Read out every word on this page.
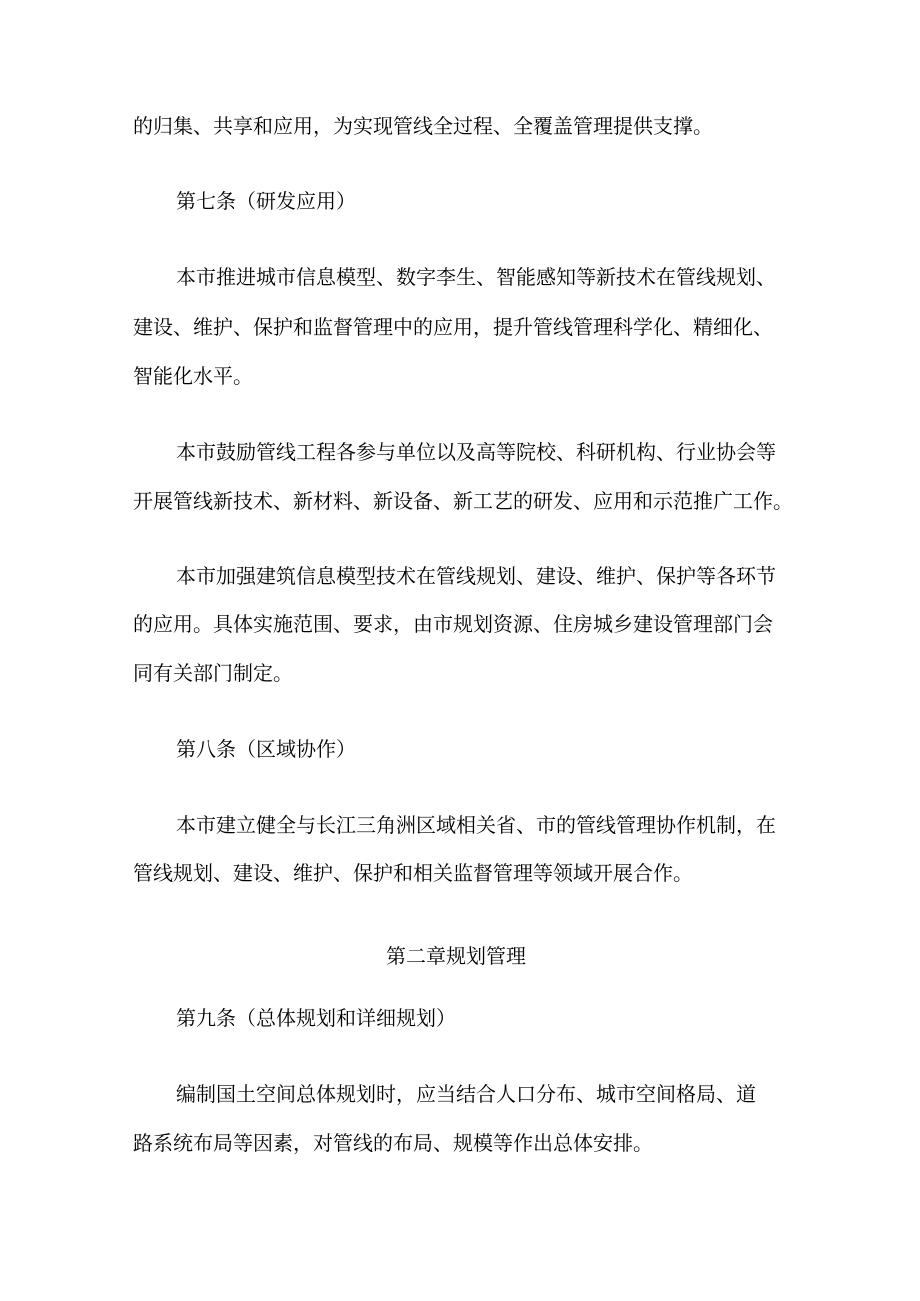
的归集、共享和应用，为实现管线全过程、全覆盖管理提供支撑。

第七条（研发应用）

本市推进城市信息模型、数字李生、智能感知等新技术在管线规划、

建设、维护、保护和监督管理中的应用，提升管线管理科学化、精细化、

智能化水平。

本市鼓励管线工程各参与单位以及高等院校、科研机构、行业协会等

开展管线新技术、新材料、新设备、新工艺的研发、应用和示范推广工作。

本市加强建筑信息模型技术在管线规划、建设、维护、保护等各环节

的应用。具体实施范围、要求，由市规划资源、住房城乡建设管理部门会

同有关部门制定。

第八条（区域协作）

本市建立健全与长江三角洲区域相关省、市的管线管理协作机制，在

管线规划、建设、维护、保护和相关监督管理等领域开展合作。

第二章规划管理

第九条（总体规划和详细规划）

编制国土空间总体规划时，应当结合人口分布、城市空间格局、道

路系统布局等因素，对管线的布局、规模等作出总体安排。
